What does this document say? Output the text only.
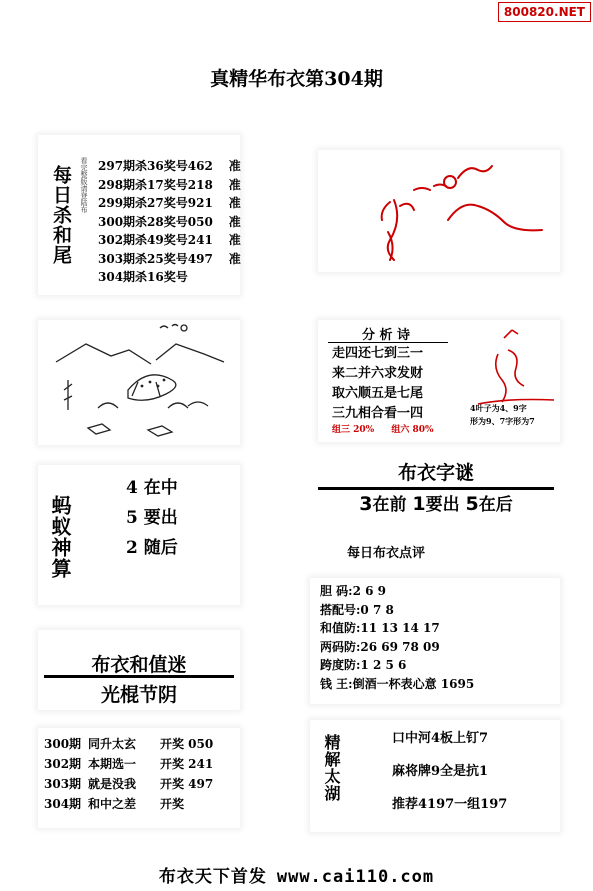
800820.NET
真精华布衣第304期
每日杀和尾	看完整版请登陆布 297期杀36奖号462 准
298期杀17奖号218 准
299期杀27奖号921 准
300期杀28奖号050 准
302期杀49奖号241 准
303期杀25奖号497 准
304期杀16奖号
分 析 诗
走四还七到三一
来二并六求发财
取六顺五是七尾
三九相合看一四
组三 20% 组六 80%
4叶子为4、9字
形为9、7字形为7
蚂蚁神算
4 在中
5 要出
2 随后
布衣字谜
3在前 1要出 5在后
每日布衣点评
胆 码:2 6 9
搭配号:0 7 8
和值防:11 13 14 17
两码防:26 69 78 09
跨度防:1 2 5 6
钱 王:倒酒一杯表心意 1695
布衣和值迷
光棍节阴
300期 同升太玄 开奖 050
302期 本期选一 开奖 241
303期 就是没我 开奖 497
304期 和中之差 开奖
精解太湖	口中河4板上钉7
麻将牌9全是抗1
推荐4197一组197
布衣天下首发 www.cai110.com
